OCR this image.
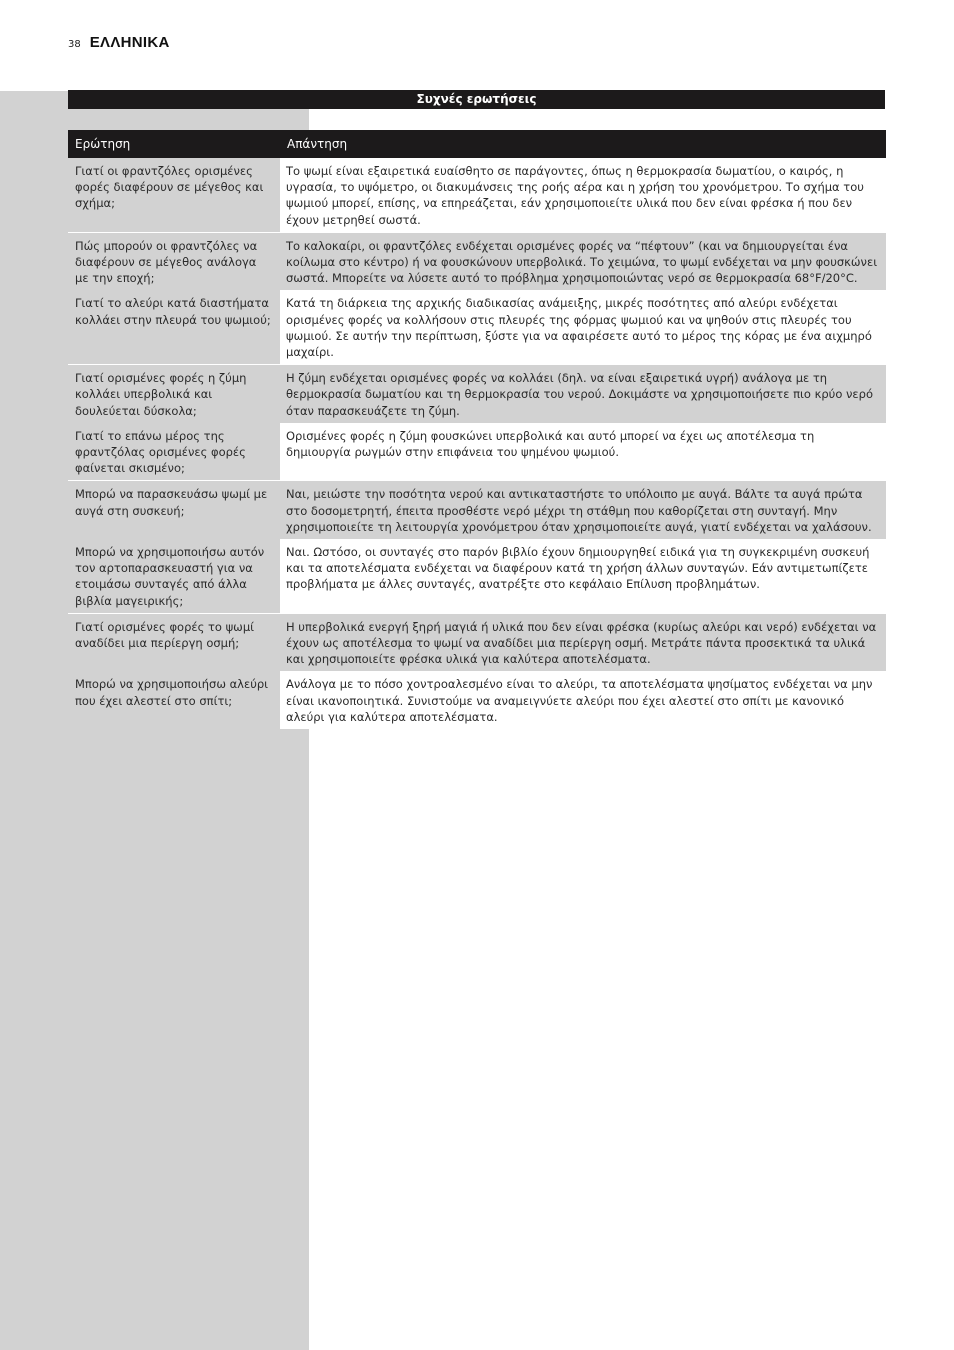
38 ΕΛΛΗΝΙΚΑ
Συχνές ερωτήσεις
Ερώτηση	Απάντηση
Γιατί οι φραντζόλες ορισμένες φορές διαφέρουν σε μέγεθος και σχήμα;	Το ψωμί είναι εξαιρετικά ευαίσθητο σε παράγοντες, όπως η θερμοκρασία δωματίου, ο καιρός, η υγρασία, το υψόμετρο, οι διακυμάνσεις της ροής αέρα και η χρήση του χρονόμετρου. Το σχήμα του ψωμιού μπορεί, επίσης, να επηρεάζεται, εάν χρησιμοποιείτε υλικά που δεν είναι φρέσκα ή που δεν έχουν μετρηθεί σωστά.
Πώς μπορούν οι φραντζόλες να διαφέρουν σε μέγεθος ανάλογα με την εποχή;	Το καλοκαίρι, οι φραντζόλες ενδέχεται ορισμένες φορές να “πέφτουν” (και να δημιουργείται ένα κοίλωμα στο κέντρο) ή να φουσκώνουν υπερβολικά. Το χειμώνα, το ψωμί ενδέχεται να μην φουσκώνει σωστά. Μπορείτε να λύσετε αυτό το πρόβλημα χρησιμοποιώντας νερό σε θερμοκρασία 68°F/20°C.
Γιατί το αλεύρι κατά διαστήματα κολλάει στην πλευρά του ψωμιού;	Κατά τη διάρκεια της αρχικής διαδικασίας ανάμειξης, μικρές ποσότητες από αλεύρι ενδέχεται ορισμένες φορές να κολλήσουν στις πλευρές της φόρμας ψωμιού και να ψηθούν στις πλευρές του ψωμιού. Σε αυτήν την περίπτωση, ξύστε για να αφαιρέσετε αυτό το μέρος της κόρας με ένα αιχμηρό μαχαίρι.
Γιατί ορισμένες φορές η ζύμη κολλάει υπερβολικά και δουλεύεται δύσκολα;	Η ζύμη ενδέχεται ορισμένες φορές να κολλάει (δηλ. να είναι εξαιρετικά υγρή) ανάλογα με τη θερμοκρασία δωματίου και τη θερμοκρασία του νερού. Δοκιμάστε να χρησιμοποιήσετε πιο κρύο νερό όταν παρασκευάζετε τη ζύμη.
Γιατί το επάνω μέρος της φραντζόλας ορισμένες φορές φαίνεται σκισμένο;	Ορισμένες φορές η ζύμη φουσκώνει υπερβολικά και αυτό μπορεί να έχει ως αποτέλεσμα τη δημιουργία ρωγμών στην επιφάνεια του ψημένου ψωμιού.
Μπορώ να παρασκευάσω ψωμί με αυγά στη συσκευή;	Ναι, μειώστε την ποσότητα νερού και αντικαταστήστε το υπόλοιπο με αυγά. Βάλτε τα αυγά πρώτα στο δοσομετρητή, έπειτα προσθέστε νερό μέχρι τη στάθμη που καθορίζεται στη συνταγή. Μην χρησιμοποιείτε τη λειτουργία χρονόμετρου όταν χρησιμοποιείτε αυγά, γιατί ενδέχεται να χαλάσουν.
Μπορώ να χρησιμοποιήσω αυτόν τον αρτοπαρασκευαστή για να ετοιμάσω συνταγές από άλλα βιβλία μαγειρικής;	Ναι. Ωστόσο, οι συνταγές στο παρόν βιβλίο έχουν δημιουργηθεί ειδικά για τη συγκεκριμένη συσκευή και τα αποτελέσματα ενδέχεται να διαφέρουν κατά τη χρήση άλλων συνταγών. Εάν αντιμετωπίζετε προβλήματα με άλλες συνταγές, ανατρέξτε στο κεφάλαιο Επίλυση προβλημάτων.
Γιατί ορισμένες φορές το ψωμί αναδίδει μια περίεργη οσμή;	Η υπερβολικά ενεργή ξηρή μαγιά ή υλικά που δεν είναι φρέσκα (κυρίως αλεύρι και νερό) ενδέχεται να έχουν ως αποτέλεσμα το ψωμί να αναδίδει μια περίεργη οσμή. Μετράτε πάντα προσεκτικά τα υλικά και χρησιμοποιείτε φρέσκα υλικά για καλύτερα αποτελέσματα.
Μπορώ να χρησιμοποιήσω αλεύρι που έχει αλεστεί στο σπίτι;	Ανάλογα με το πόσο χοντροαλεσμένο είναι το αλεύρι, τα αποτελέσματα ψησίματος ενδέχεται να μην είναι ικανοποιητικά. Συνιστούμε να αναμειγνύετε αλεύρι που έχει αλεστεί στο σπίτι με κανονικό αλεύρι για καλύτερα αποτελέσματα.
